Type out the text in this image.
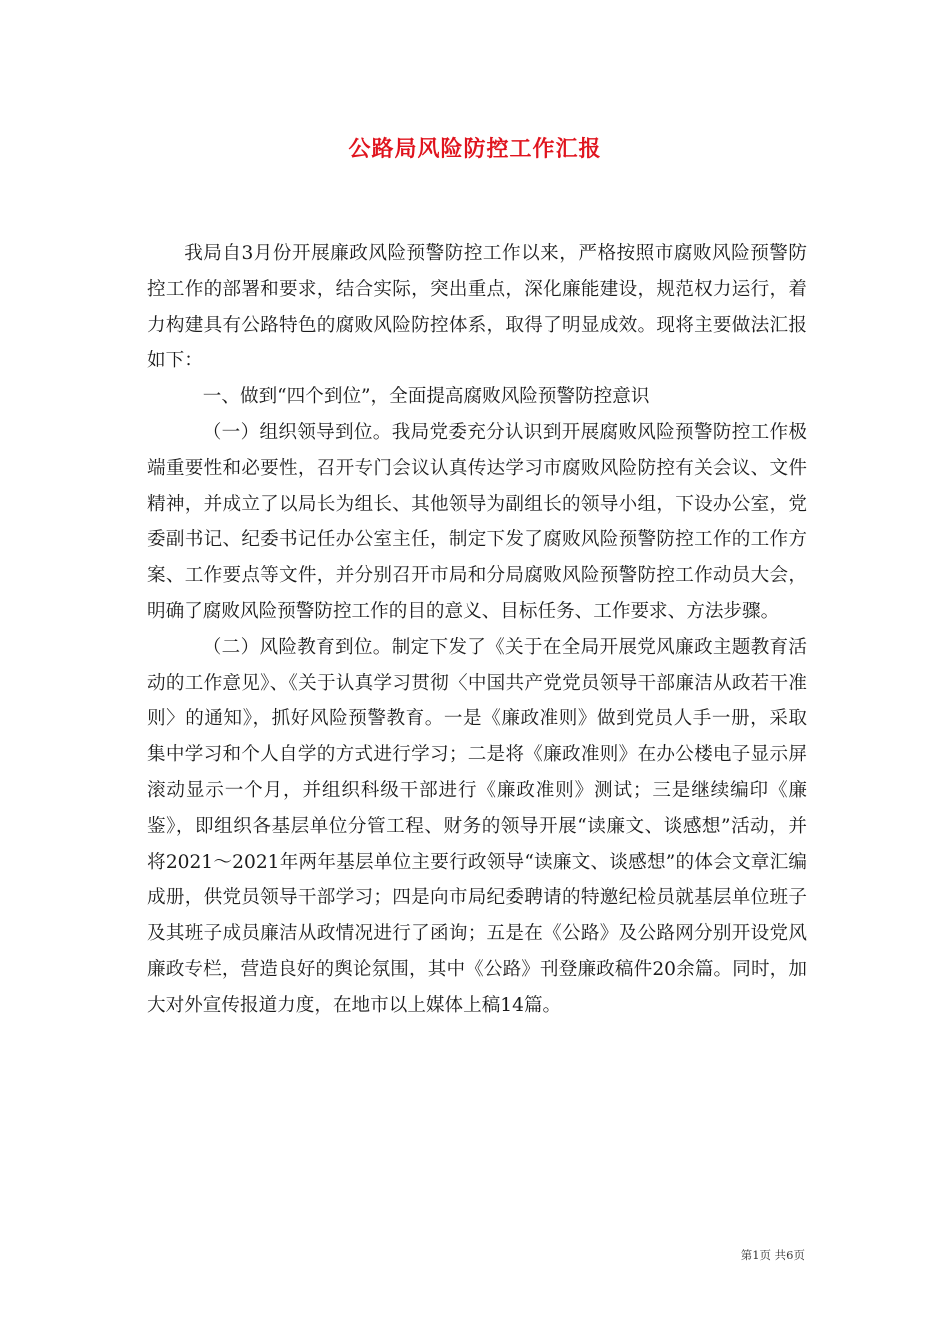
公路局风险防控工作汇报

我局自3月份开展廉政风险预警防控工作以来，严格按照市腐败风险预警防控工作的部署和要求，结合实际，突出重点，深化廉能建设，规范权力运行，着力构建具有公路特色的腐败风险防控体系，取得了明显成效。现将主要做法汇报如下：

一、做到“四个到位”，全面提高腐败风险预警防控意识

（一）组织领导到位。我局党委充分认识到开展腐败风险预警防控工作极端重要性和必要性，召开专门会议认真传达学习市腐败风险防控有关会议、文件精神，并成立了以局长为组长、其他领导为副组长的领导小组，下设办公室，党委副书记、纪委书记任办公室主任，制定下发了腐败风险预警防控工作的工作方案、工作要点等文件，并分别召开市局和分局腐败风险预警防控工作动员大会，明确了腐败风险预警防控工作的目的意义、目标任务、工作要求、方法步骤。

（二）风险教育到位。制定下发了《关于在全局开展党风廉政主题教育活动的工作意见》、《关于认真学习贯彻〈中国共产党党员领导干部廉洁从政若干准则〉的通知》，抓好风险预警教育。一是《廉政准则》做到党员人手一册，采取集中学习和个人自学的方式进行学习；二是将《廉政准则》在办公楼电子显示屏滚动显示一个月，并组织科级干部进行《廉政准则》测试；三是继续编印《廉鉴》，即组织各基层单位分管工程、财务的领导开展“读廉文、谈感想”活动，并将2021～2021年两年基层单位主要行政领导“读廉文、谈感想”的体会文章汇编成册，供党员领导干部学习；四是向市局纪委聘请的特邀纪检员就基层单位班子及其班子成员廉洁从政情况进行了函询；五是在《公路》及公路网分别开设党风廉政专栏，营造良好的舆论氛围，其中《公路》刊登廉政稿件20余篇。同时，加大对外宣传报道力度，在地市以上媒体上稿14篇。

第1页 共6页
